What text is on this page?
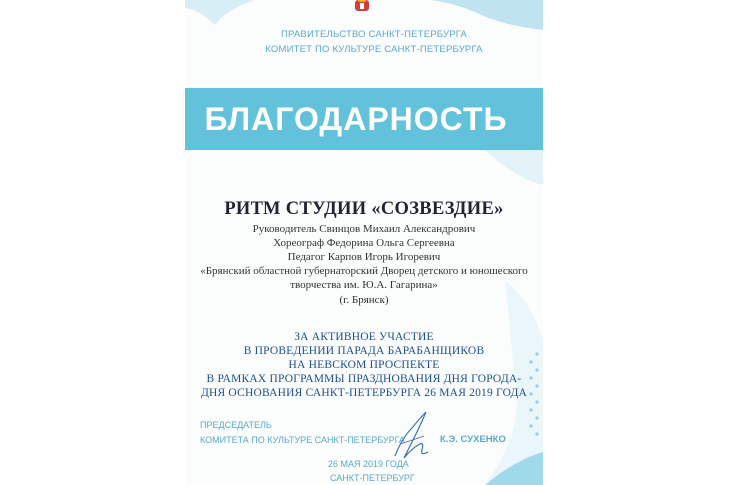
ПРАВИТЕЛЬСТВО САНКТ-ПЕТЕРБУРГА
КОМИТЕТ ПО КУЛЬТУРЕ САНКТ-ПЕТЕРБУРГА
БЛАГОДАРНОСТЬ
РИТМ СТУДИИ «СОЗВЕЗДИЕ»
Руководитель Свинцов Михаил Александрович
Хореограф Федорина Ольга Сергеевна
Педагог Карпов Игорь Игоревич
«Брянский областной губернаторский Дворец детского и юношеского
творчества им. Ю.А. Гагарина»
(г. Брянск)
ЗА АКТИВНОЕ УЧАСТИЕ
В ПРОВЕДЕНИИ ПАРАДА БАРАБАНЩИКОВ
НА НЕВСКОМ ПРОСПЕКТЕ
В РАМКАХ ПРОГРАММЫ ПРАЗДНОВАНИЯ ДНЯ ГОРОДА-
ДНЯ ОСНОВАНИЯ САНКТ-ПЕТЕРБУРГА 26 МАЯ 2019 ГОДА
ПРЕДСЕДАТЕЛЬ
КОМИТЕТА ПО КУЛЬТУРЕ САНКТ-ПЕТЕРБУРГА	К.Э. СУХЕНКО
26 МАЯ 2019 ГОДА
САНКТ-ПЕТЕРБУРГ
